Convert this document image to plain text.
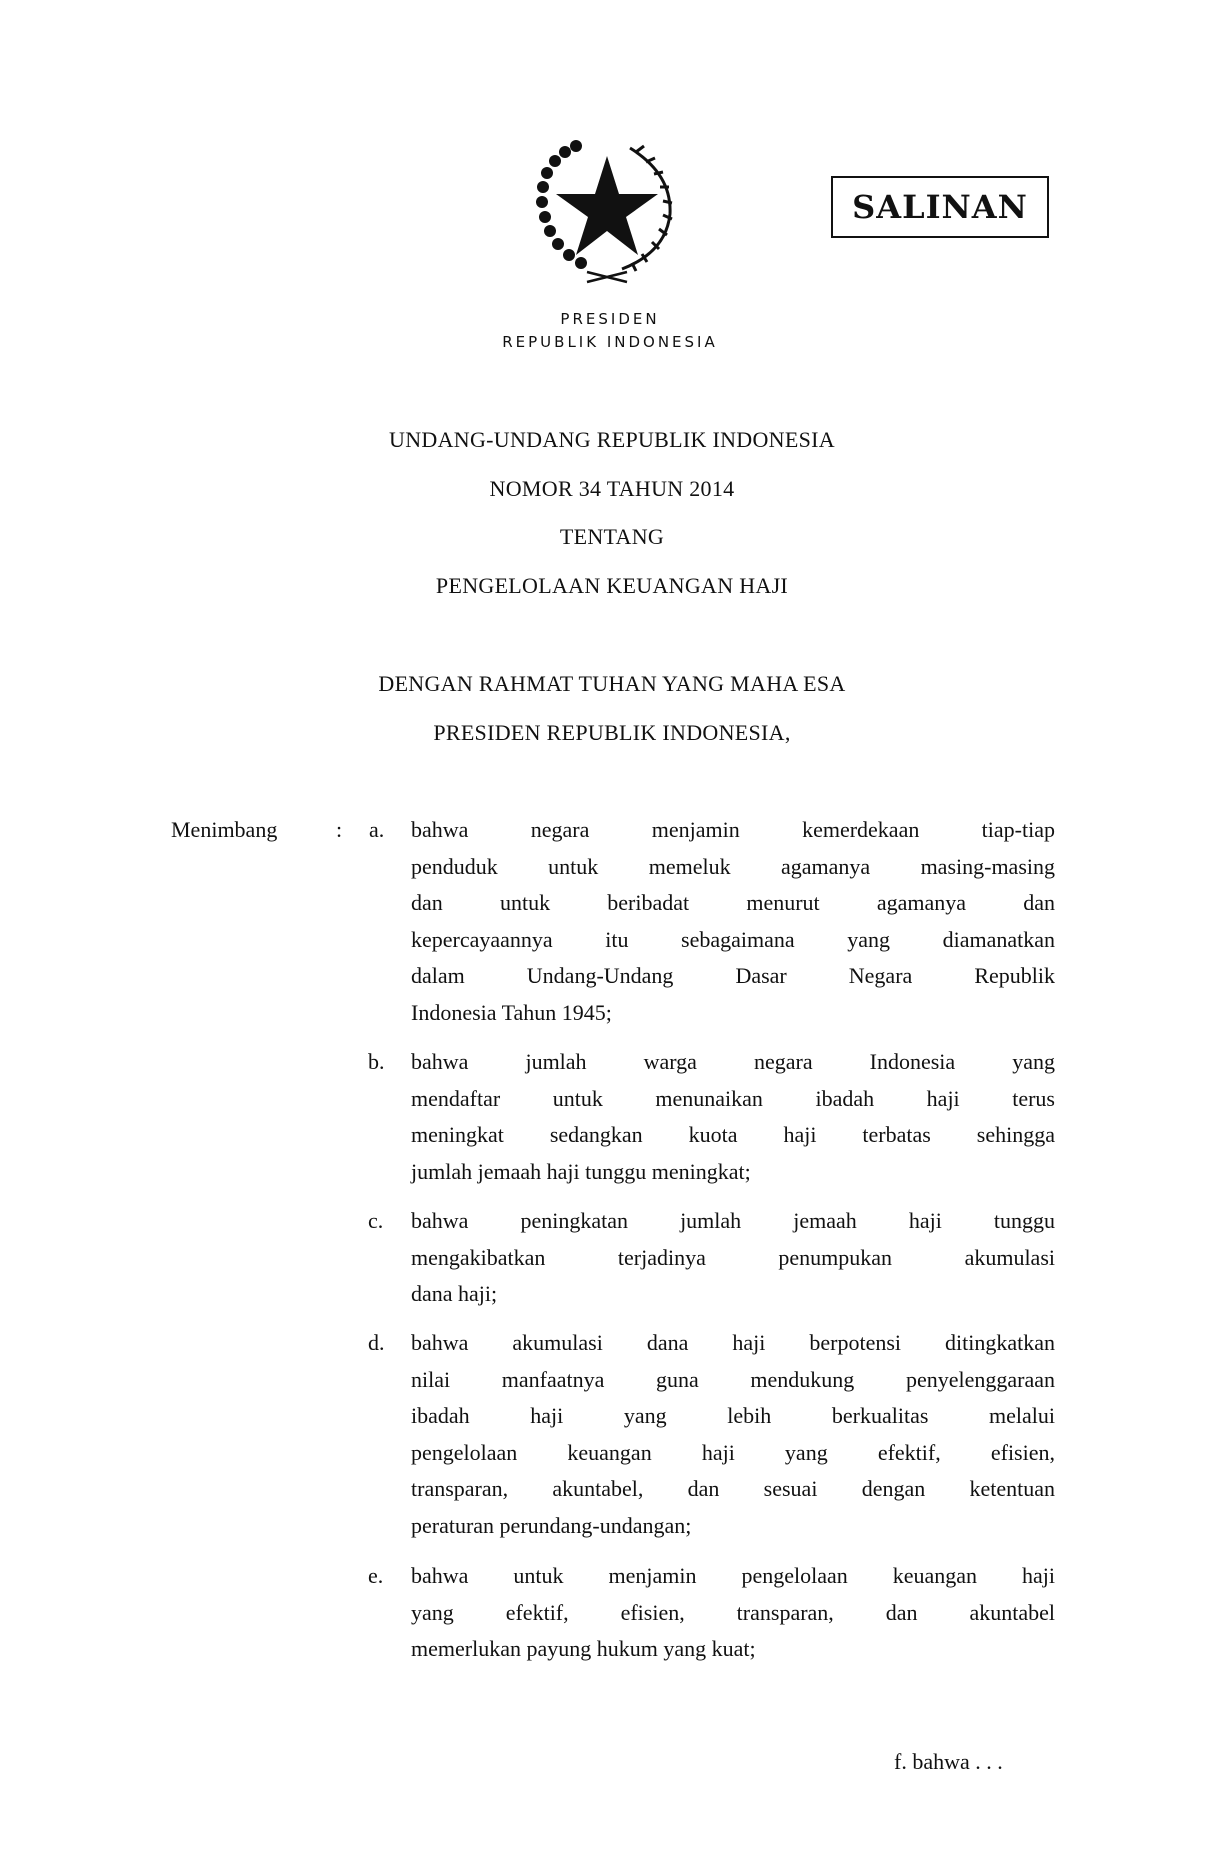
SALINAN
PRESIDEN
REPUBLIK INDONESIA
UNDANG-UNDANG REPUBLIK INDONESIA
NOMOR 34 TAHUN 2014
TENTANG
PENGELOLAAN KEUANGAN HAJI
DENGAN RAHMAT TUHAN YANG MAHA ESA
PRESIDEN REPUBLIK INDONESIA,
Menimbang	: a. bahwa negara menjamin kemerdekaan tiap-tiap
penduduk untuk memeluk agamanya masing-masing
dan untuk beribadat menurut agamanya dan
kepercayaannya itu sebagaimana yang diamanatkan
dalam Undang-Undang Dasar Negara Republik
Indonesia Tahun 1945;
b. bahwa jumlah warga negara Indonesia yang
mendaftar untuk menunaikan ibadah haji terus
meningkat sedangkan kuota haji terbatas sehingga
jumlah jemaah haji tunggu meningkat;
c. bahwa peningkatan jumlah jemaah haji tunggu
mengakibatkan terjadinya penumpukan akumulasi
dana haji;
d. bahwa akumulasi dana haji berpotensi ditingkatkan
nilai manfaatnya guna mendukung penyelenggaraan
ibadah haji yang lebih berkualitas melalui
pengelolaan keuangan haji yang efektif, efisien,
transparan, akuntabel, dan sesuai dengan ketentuan
peraturan perundang-undangan;
e. bahwa untuk menjamin pengelolaan keuangan haji
yang efektif, efisien, transparan, dan akuntabel
memerlukan payung hukum yang kuat;
f. bahwa . . .
